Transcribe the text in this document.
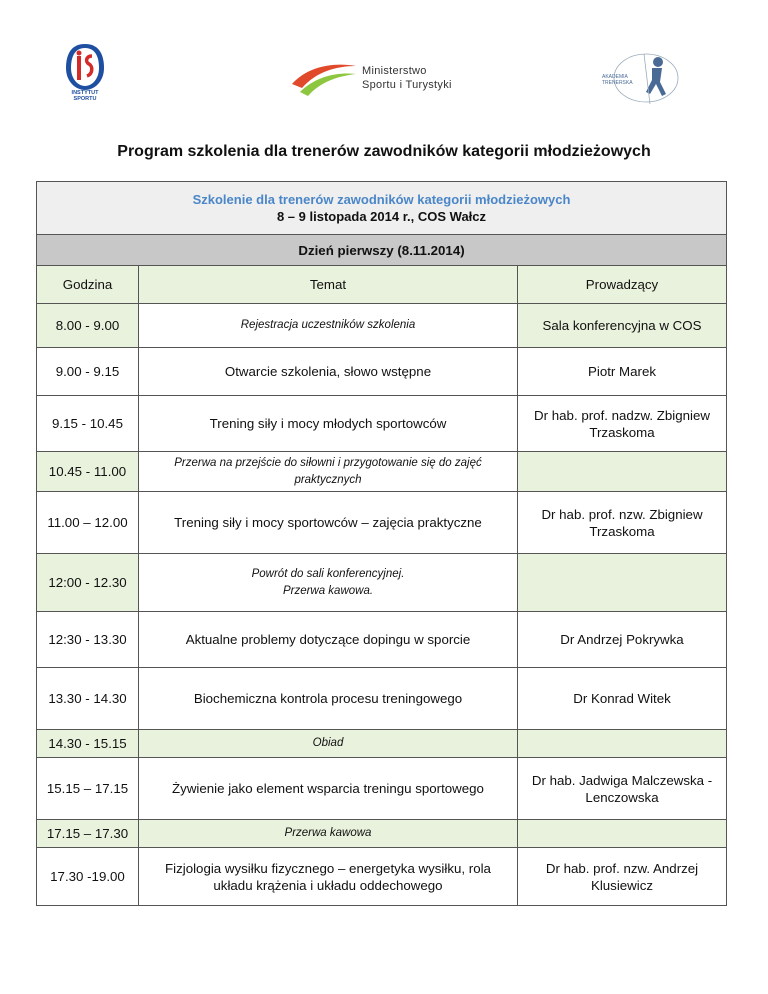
INSTYTUT
SPORTU
Ministerstwo
Sportu i Turystyki
AKADEMIA TRENERSKA
Program szkolenia dla trenerów zawodników kategorii młodzieżowych
Szkolenie dla trenerów zawodników kategorii młodzieżowych
8 – 9 listopada 2014 r., COS Wałcz		

Dzień pierwszy (8.11.2014)		
Godzina	Temat	Prowadzący
8.00 - 9.00	Rejestracja uczestników szkolenia	Sala konferencyjna w COS
9.00 - 9.15	Otwarcie szkolenia, słowo wstępne	Piotr Marek
9.15 - 10.45	Trening siły i mocy młodych sportowców	Dr hab. prof. nadzw. Zbigniew Trzaskoma
10.45 - 11.00	Przerwa na przejście do siłowni i przygotowanie się do zajęć praktycznych	
11.00 – 12.00	Trening siły i mocy sportowców – zajęcia praktyczne	Dr hab. prof. nzw. Zbigniew Trzaskoma
12:00 - 12.30	Powrót do sali konferencyjnej.
Przerwa kawowa.	

12:30 - 13.30	Aktualne problemy dotyczące dopingu w sporcie	Dr Andrzej Pokrywka
13.30 - 14.30	Biochemiczna kontrola procesu treningowego	Dr Konrad Witek
14.30 - 15.15	Obiad	
15.15 – 17.15	Żywienie jako element wsparcia treningu sportowego	Dr hab. Jadwiga Malczewska - Lenczowska
17.15 – 17.30	Przerwa kawowa	
17.30 -19.00	Fizjologia wysiłku fizycznego – energetyka wysiłku, rola układu krążenia i układu oddechowego	Dr hab. prof. nzw. Andrzej Klusiewicz
